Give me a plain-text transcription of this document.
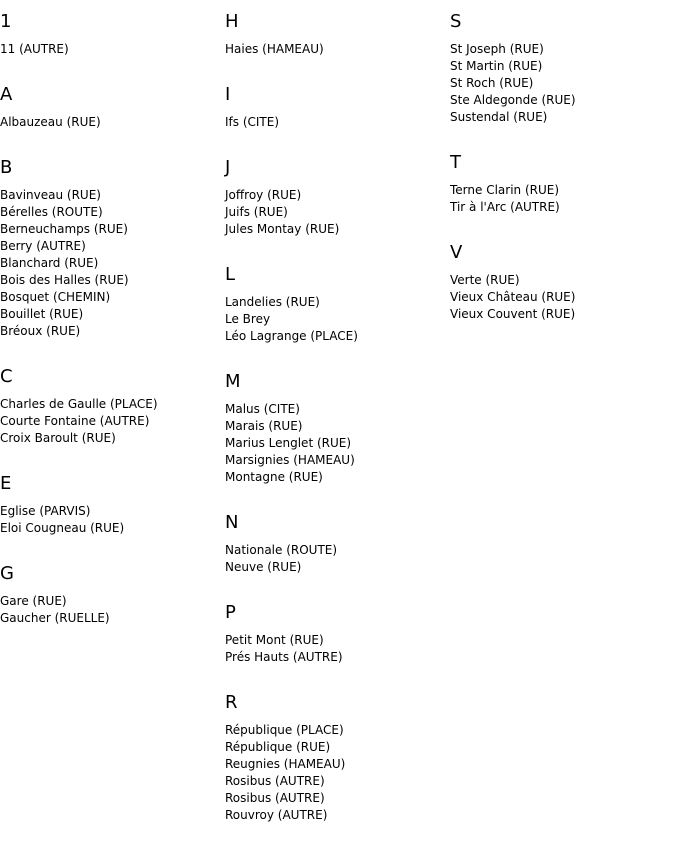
1
11 (AUTRE)
A
Albauzeau (RUE)
B
Bavinveau (RUE)
Bérelles (ROUTE)
Berneuchamps (RUE)
Berry (AUTRE)
Blanchard (RUE)
Bois des Halles (RUE)
Bosquet (CHEMIN)
Bouillet (RUE)
Bréoux (RUE)
C
Charles de Gaulle (PLACE)
Courte Fontaine (AUTRE)
Croix Baroult (RUE)
E
Eglise (PARVIS)
Eloi Cougneau (RUE)
G
Gare (RUE)
Gaucher (RUELLE)
H
Haies (HAMEAU)
I
Ifs (CITE)
J
Joffroy (RUE)
Juifs (RUE)
Jules Montay (RUE)
L
Landelies (RUE)
Le Brey
Léo Lagrange (PLACE)
M
Malus (CITE)
Marais (RUE)
Marius Lenglet (RUE)
Marsignies (HAMEAU)
Montagne (RUE)
N
Nationale (ROUTE)
Neuve (RUE)
P
Petit Mont (RUE)
Prés Hauts (AUTRE)
R
République (PLACE)
République (RUE)
Reugnies (HAMEAU)
Rosibus (AUTRE)
Rosibus (AUTRE)
Rouvroy (AUTRE)
S
St Joseph (RUE)
St Martin (RUE)
St Roch (RUE)
Ste Aldegonde (RUE)
Sustendal (RUE)
T
Terne Clarin (RUE)
Tir à l'Arc (AUTRE)
V
Verte (RUE)
Vieux Château (RUE)
Vieux Couvent (RUE)
